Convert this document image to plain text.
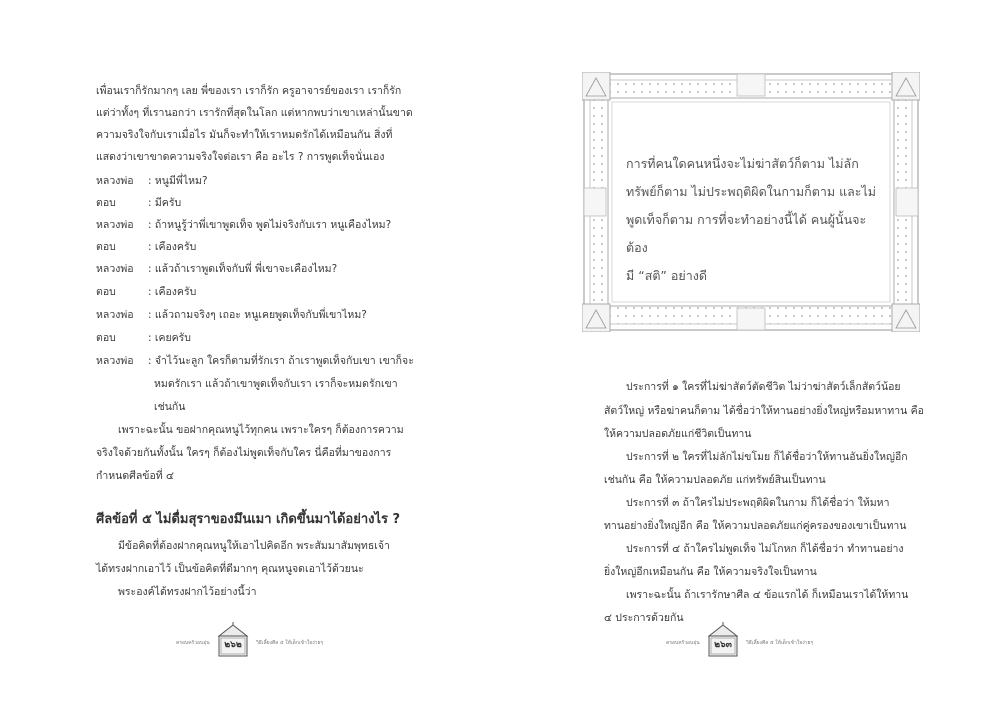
เพื่อนเราก็รักมากๆ เลย พี่ของเรา เราก็รัก ครูอาจารย์ของเรา เราก็รัก
แต่ว่าทั้งๆ ที่เรานอกว่า เรารักที่สุดในโลก แต่หากพบว่าเขาเหล่านั้นขาด
ความจริงใจกับเราเมื่อไร มันก็จะทำให้เราหมดรักได้เหมือนกัน สิ่งที่
แสดงว่าเขาขาดความจริงใจต่อเรา คือ อะไร ? การพูดเท็จนั่นเอง
หลวงพ่อ : หนูมีพี่ไหม?
ตอบ	: มีครับ
หลวงพ่อ : ถ้าหนูรู้ว่าพี่เขาพูดเท็จ พูดไม่จริงกับเรา หนูเคืองไหม?
ตอบ	: เคืองครับ
หลวงพ่อ : แล้วถ้าเราพูดเท็จกับพี่ พี่เขาจะเคืองไหม?
ตอบ	: เคืองครับ
หลวงพ่อ : แล้วถามจริงๆ เถอะ หนูเคยพูดเท็จกับพี่เขาไหม?
ตอบ	: เคยครับ
หลวงพ่อ : จำไว้นะลูก ใครก็ตามที่รักเรา ถ้าเราพูดเท็จกับเขา เขาก็จะ
หมดรักเรา แล้วถ้าเขาพูดเท็จกับเรา เราก็จะหมดรักเขา
เช่นกัน
เพราะฉะนั้น ขอฝากคุณหนูไว้ทุกคน เพราะใครๆ ก็ต้องการความ
จริงใจด้วยกันทั้งนั้น ใครๆ ก็ต้องไม่พูดเท็จกับใคร นี่คือที่มาของการ
กำหนดศีลข้อที่ ๔
ศีลข้อที่ ๕ ไม่ดื่มสุราของมึนเมา เกิดขึ้นมาได้อย่างไร ?
มีข้อคิดที่ต้องฝากคุณหนูให้เอาไปคิดอีก พระสัมมาสัมพุทธเจ้า
ได้ทรงฝากเอาไว้ เป็นข้อคิดที่ดีมากๆ คุณหนูจดเอาไว้ด้วยนะ
พระองค์ได้ทรงฝากไว้อย่างนี้ว่า
ครอบครัวอบอุ่น	๒๖๒	วิธีเลี้ยงศีล ๕ ให้เด็กเข้าใจง่ายๆ
การที่คนใดคนหนึ่งจะไม่ฆ่าสัตว์ก็ตาม ไม่ลัก
ทรัพย์ก็ตาม ไม่ประพฤติผิดในกามก็ตาม และไม่
พูดเท็จก็ตาม การที่จะทำอย่างนี้ได้ คนผู้นั้นจะต้อง
มี “สติ” อย่างดี
ประการที่ ๑ ใครที่ไม่ฆ่าสัตว์ตัดชีวิต ไม่ว่าฆ่าสัตว์เล็กสัตว์น้อย
สัตว์ใหญ่ หรือฆ่าคนก็ตาม ได้ชื่อว่าให้ทานอย่างยิ่งใหญ่หรือมหาทาน คือ
ให้ความปลอดภัยแก่ชีวิตเป็นทาน
ประการที่ ๒ ใครที่ไม่ลักไม่ขโมย ก็ได้ชื่อว่าให้ทานอันยิ่งใหญ่อีก
เช่นกัน คือ ให้ความปลอดภัย แก่ทรัพย์สินเป็นทาน
ประการที่ ๓ ถ้าใครไม่ประพฤติผิดในกาม ก็ได้ชื่อว่า ให้มหา
ทานอย่างยิ่งใหญ่อีก คือ ให้ความปลอดภัยแก่คู่ครองของเขาเป็นทาน
ประการที่ ๔ ถ้าใครไม่พูดเท็จ ไม่โกหก ก็ได้ชื่อว่า ทำทานอย่าง
ยิ่งใหญ่อีกเหมือนกัน คือ ให้ความจริงใจเป็นทาน
เพราะฉะนั้น ถ้าเรารักษาศีล ๔ ข้อแรกได้ ก็เหมือนเราได้ให้ทาน
๔ ประการด้วยกัน
ครอบครัวอบอุ่น	๒๖๓	วิธีเลี้ยงศีล ๕ ให้เด็กเข้าใจง่ายๆ
